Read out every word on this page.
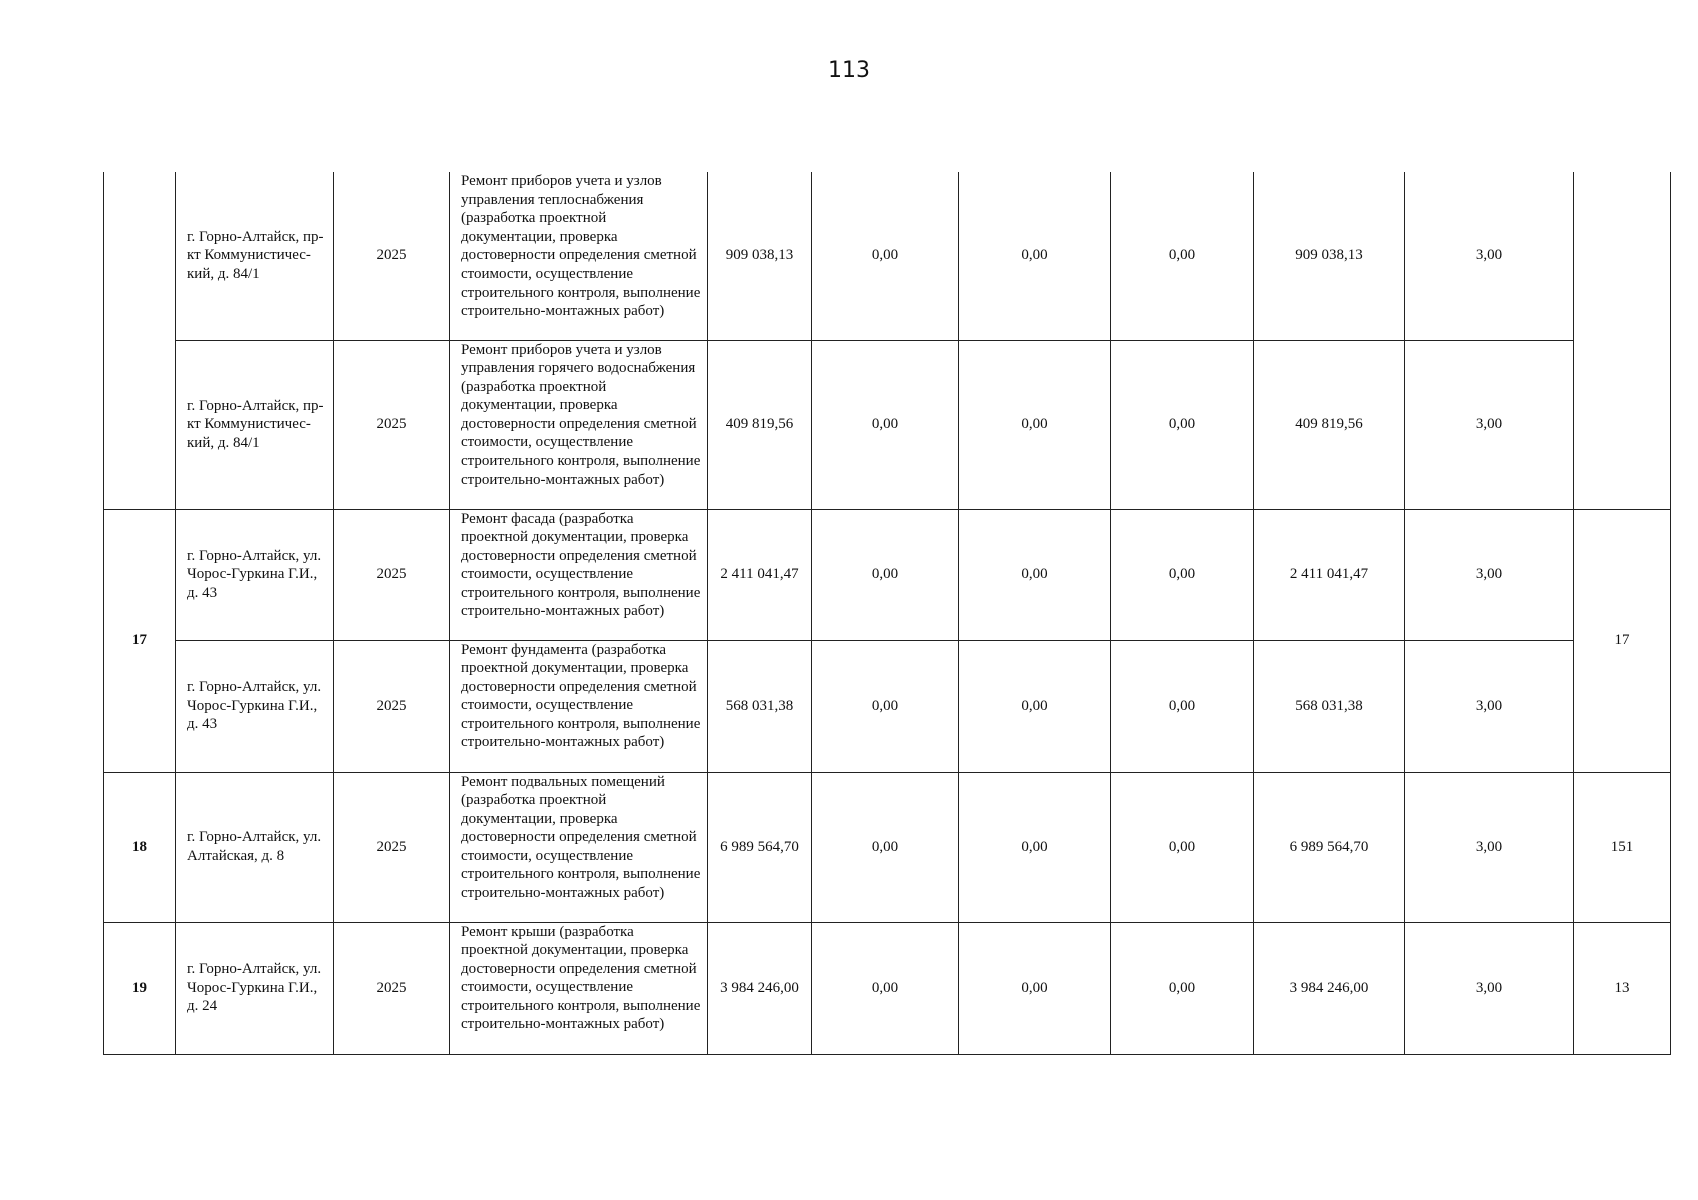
113
	г. Горно-Алтайск, пр-кт Коммунистичес-кий, д. 84/1	2025	Ремонт приборов учета и узлов управления теплоснабжения (разработка проектной документации, проверка достоверности определения сметной стоимости, осуществление строительного контроля, выполнение строительно-монтажных работ)	909 038,13	0,00	0,00	0,00	909 038,13	3,00	
	г. Горно-Алтайск, пр-кт Коммунистичес-кий, д. 84/1	2025	Ремонт приборов учета и узлов управления горячего водоснабжения (разработка проектной документации, проверка достоверности определения сметной стоимости, осуществление строительного контроля, выполнение строительно-монтажных работ)	409 819,56	0,00	0,00	0,00	409 819,56	3,00	
17	г. Горно-Алтайск, ул. Чорос-Гуркина Г.И., д. 43	2025	Ремонт фасада (разработка проектной документации, проверка достоверности определения сметной стоимости, осуществление строительного контроля, выполнение строительно-монтажных работ)	2 411 041,47	0,00	0,00	0,00	2 411 041,47	3,00	17
	г. Горно-Алтайск, ул. Чорос-Гуркина Г.И., д. 43	2025	Ремонт фундамента (разработка проектной документации, проверка достоверности определения сметной стоимости, осуществление строительного контроля, выполнение строительно-монтажных работ)	568 031,38	0,00	0,00	0,00	568 031,38	3,00	
18	г. Горно-Алтайск, ул. Алтайская, д. 8	2025	Ремонт подвальных помещений (разработка проектной документации, проверка достоверности определения сметной стоимости, осуществление строительного контроля, выполнение строительно-монтажных работ)	6 989 564,70	0,00	0,00	0,00	6 989 564,70	3,00	151
19	г. Горно-Алтайск, ул. Чорос-Гуркина Г.И., д. 24	2025	Ремонт крыши (разработка проектной документации, проверка достоверности определения сметной стоимости, осуществление строительного контроля, выполнение строительно-монтажных работ)	3 984 246,00	0,00	0,00	0,00	3 984 246,00	3,00	13
